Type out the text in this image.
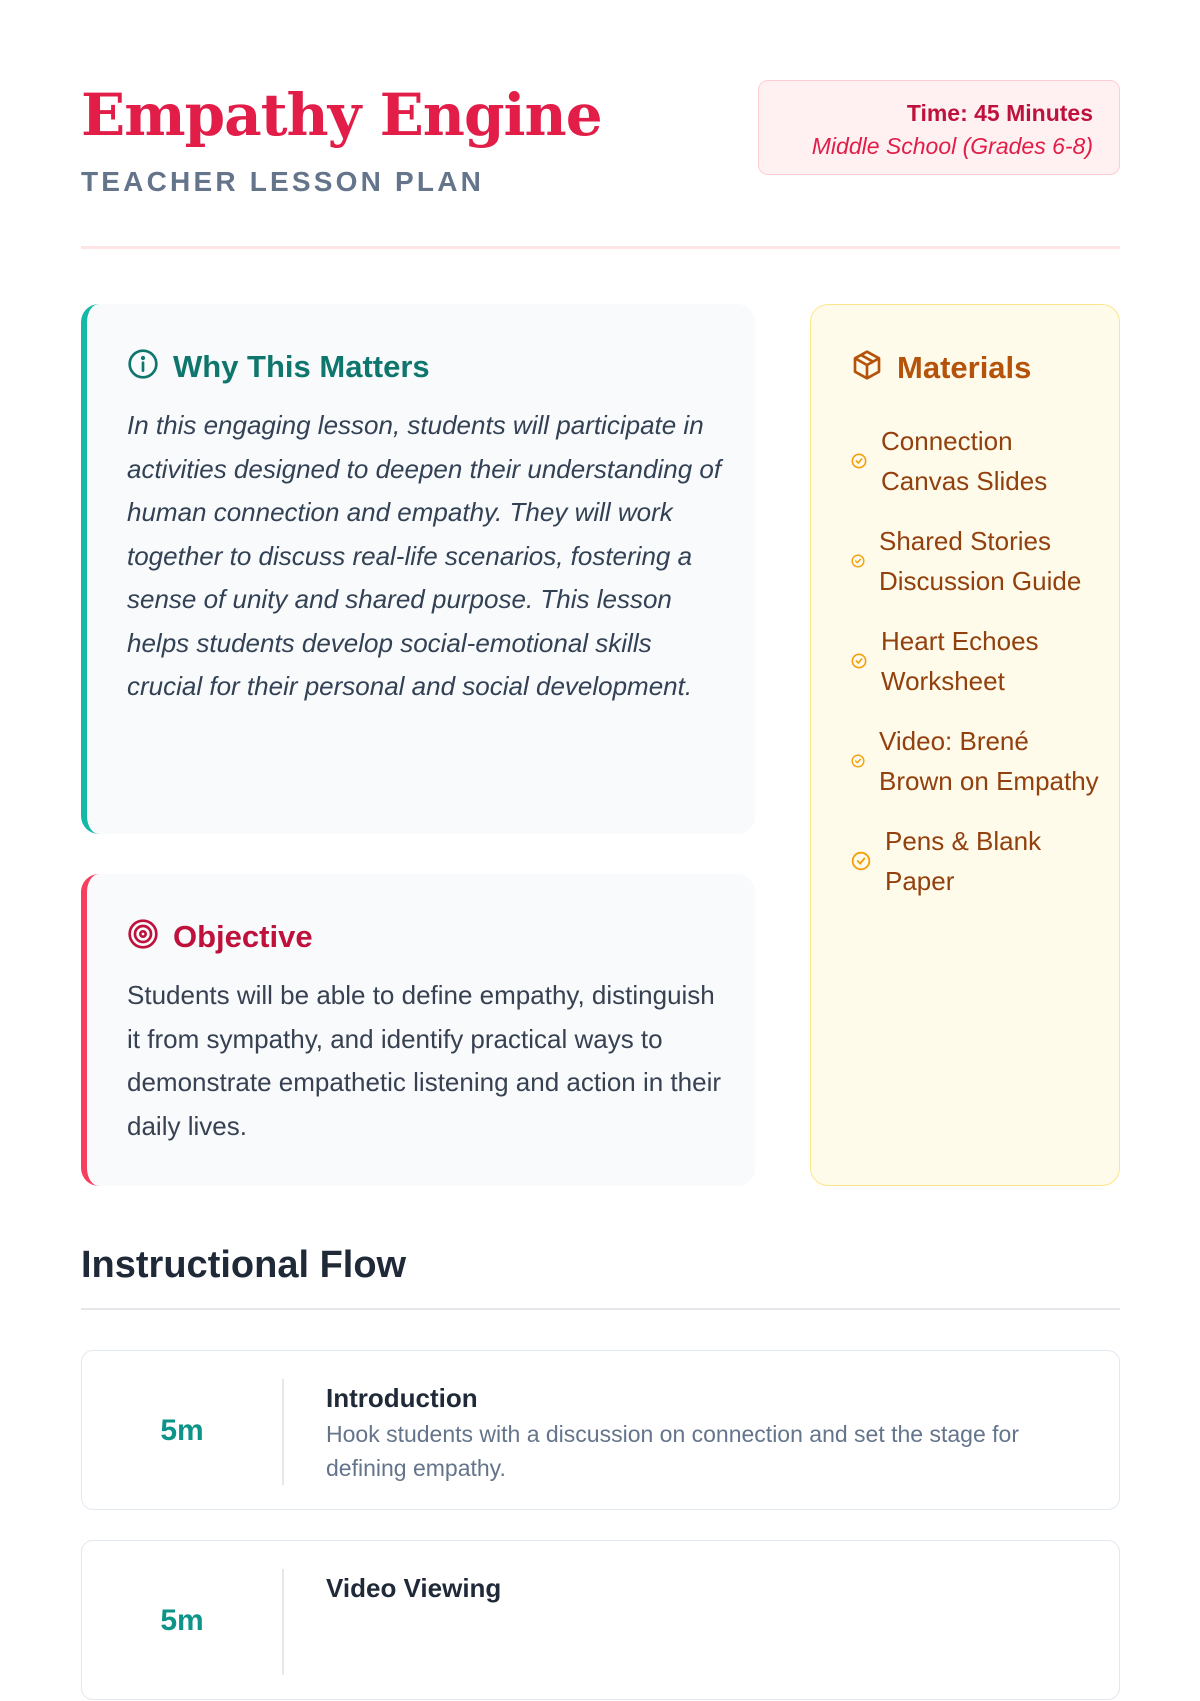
Empathy Engine
TEACHER LESSON PLAN
Time: 45 Minutes
Middle School (Grades 6-8)
Why This Matters

In this engaging lesson, students will participate in activities designed to deepen their understanding of human connection and empathy. They will work together to discuss real-life scenarios, fostering a sense of unity and shared purpose. This lesson helps students develop social-emotional skills crucial for their personal and social development.

Objective

Students will be able to define empathy, distinguish it from sympathy, and identify practical ways to demonstrate empathetic listening and action in their daily lives.

Materials
Connection Canvas Slides
Shared Stories Discussion Guide
Heart Echoes Worksheet
Video: Brené Brown on Empathy
Pens & Blank Paper
Instructional Flow
5m
Introduction
Hook students with a discussion on connection and set the stage for defining empathy.
5m
Video Viewing
